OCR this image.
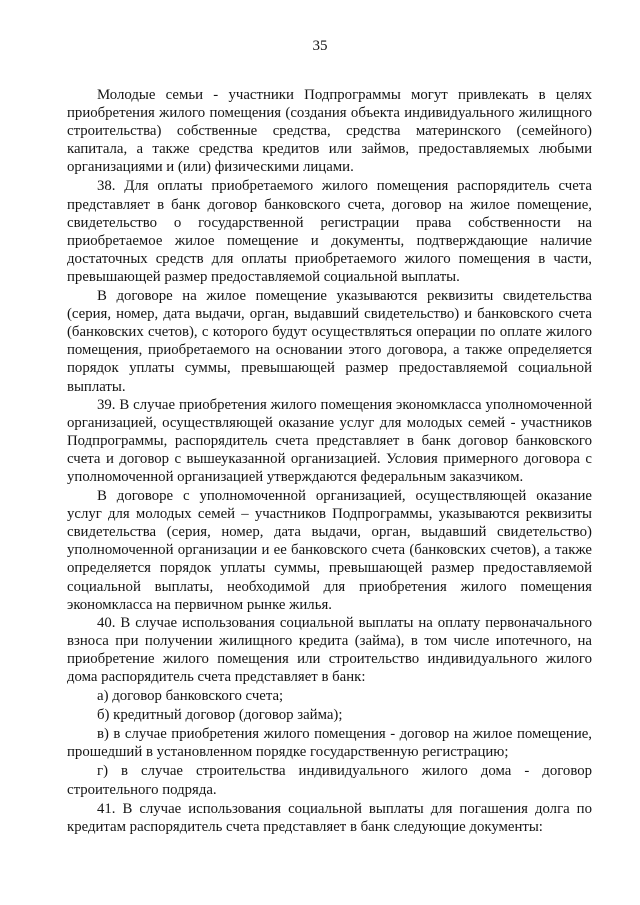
35

Молодые семьи - участники Подпрограммы могут привлекать в целях приобретения жилого помещения (создания объекта индивидуального жилищного строительства) собственные средства, средства материнского (семейного) капитала, а также средства кредитов или займов, предоставляемых любыми организациями и (или) физическими лицами.

38. Для оплаты приобретаемого жилого помещения распорядитель счета представляет в банк договор банковского счета, договор на жилое помещение, свидетельство о государственной регистрации права собственности на приобретаемое жилое помещение и документы, подтверждающие наличие достаточных средств для оплаты приобретаемого жилого помещения в части, превышающей размер предоставляемой социальной выплаты.

В договоре на жилое помещение указываются реквизиты свидетельства (серия, номер, дата выдачи, орган, выдавший свидетельство) и банковского счета (банковских счетов), с которого будут осуществляться операции по оплате жилого помещения, приобретаемого на основании этого договора, а также определяется порядок уплаты суммы, превышающей размер предоставляемой социальной выплаты.

39. В случае приобретения жилого помещения экономкласса уполномоченной организацией, осуществляющей оказание услуг для молодых семей - участников Подпрограммы, распорядитель счета представляет в банк договор банковского счета и договор с вышеуказанной организацией. Условия примерного договора с уполномоченной организацией утверждаются федеральным заказчиком.

В договоре с уполномоченной организацией, осуществляющей оказание услуг для молодых семей – участников Подпрограммы, указываются реквизиты свидетельства (серия, номер, дата выдачи, орган, выдавший свидетельство) уполномоченной организации и ее банковского счета (банковских счетов), а также определяется порядок уплаты суммы, превышающей размер предоставляемой социальной выплаты, необходимой для приобретения жилого помещения экономкласса на первичном рынке жилья.

40. В случае использования социальной выплаты на оплату первоначального взноса при получении жилищного кредита (займа), в том числе ипотечного, на приобретение жилого помещения или строительство индивидуального жилого дома распорядитель счета представляет в банк:

а) договор банковского счета;

б) кредитный договор (договор займа);

в) в случае приобретения жилого помещения - договор на жилое помещение, прошедший в установленном порядке государственную регистрацию;

г) в случае строительства индивидуального жилого дома - договор строительного подряда.

41. В случае использования социальной выплаты для погашения долга по кредитам распорядитель счета представляет в банк следующие документы:
